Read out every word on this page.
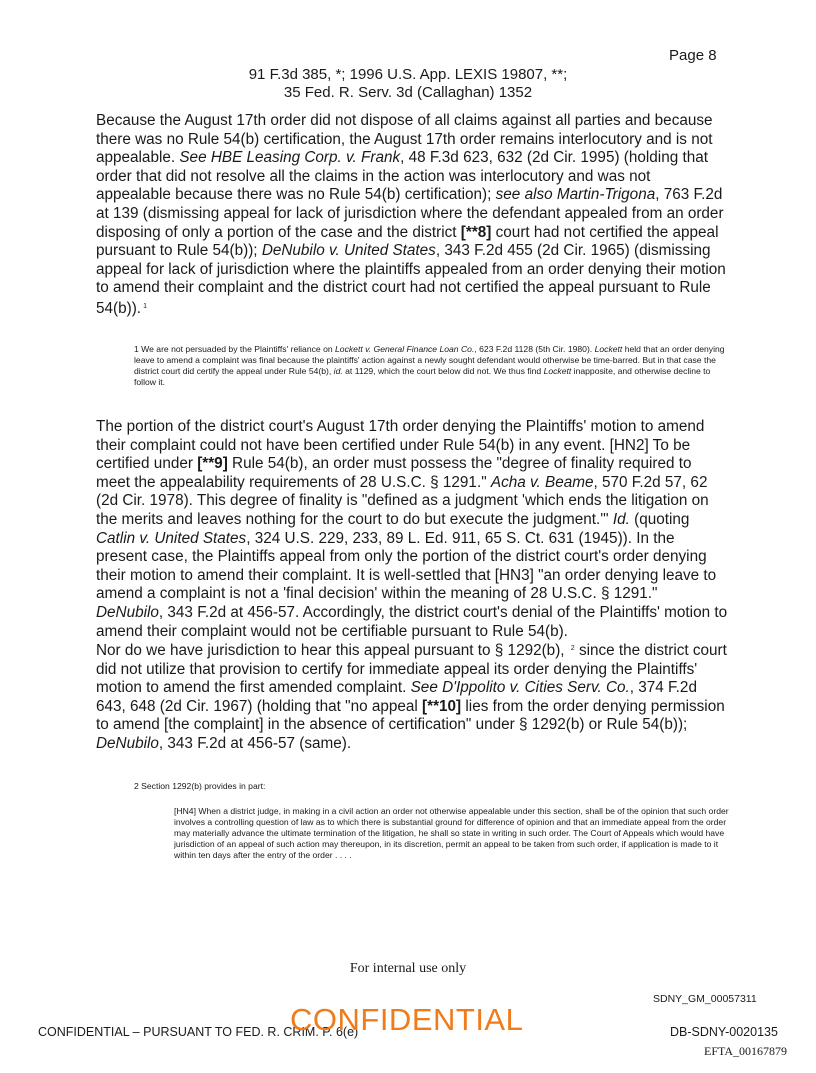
Page 8
91 F.3d 385, *; 1996 U.S. App. LEXIS 19807, **;
35 Fed. R. Serv. 3d (Callaghan) 1352

Because the August 17th order did not dispose of all claims against all parties and because there was no Rule 54(b) certification, the August 17th order remains interlocutory and is not appealable. See HBE Leasing Corp. v. Frank, 48 F.3d 623, 632 (2d Cir. 1995) (holding that order that did not resolve all the claims in the action was interlocutory and was not appealable because there was no Rule 54(b) certification); see also Martin-Trigona, 763 F.2d at 139 (dismissing appeal for lack of jurisdiction where the defendant appealed from an order disposing of only a portion of the case and the district [**8] court had not certified the appeal pursuant to Rule 54(b)); DeNubilo v. United States, 343 F.2d 455 (2d Cir. 1965) (dismissing appeal for lack of jurisdiction where the plaintiffs appealed from an order denying their motion to amend their complaint and the district court had not certified the appeal pursuant to Rule 54(b)). $^1$

1 We are not persuaded by the Plaintiffs' reliance on Lockett v. General Finance Loan Co., 623 F.2d 1128 (5th Cir. 1980). Lockett held that an order denying leave to amend a complaint was final because the plaintiffs' action against a newly sought defendant would otherwise be time-barred. But in that case the district court did certify the appeal under Rule 54(b), id. at 1129, which the court below did not. We thus find Lockett inapposite, and otherwise decline to follow it.

The portion of the district court's August 17th order denying the Plaintiffs' motion to amend their complaint could not have been certified under Rule 54(b) in any event. [HN2] To be certified under [**9] Rule 54(b), an order must possess the "degree of finality required to meet the appealability requirements of 28 U.S.C. § 1291." Acha v. Beame, 570 F.2d 57, 62 (2d Cir. 1978). This degree of finality is "defined as a judgment 'which ends the litigation on the merits and leaves nothing for the court to do but execute the judgment.'" Id. (quoting Catlin v. United States, 324 U.S. 229, 233, 89 L. Ed. 911, 65 S. Ct. 631 (1945)). In the present case, the Plaintiffs appeal from only the portion of the district court's order denying their motion to amend their complaint. It is well-settled that [HN3] "an order denying leave to amend a complaint is not a 'final decision' within the meaning of 28 U.S.C. § 1291." DeNubilo, 343 F.2d at 456-57. Accordingly, the district court's denial of the Plaintiffs' motion to amend their complaint would not be certifiable pursuant to Rule 54(b).

Nor do we have jurisdiction to hear this appeal pursuant to § 1292(b), $^2$ since the district court did not utilize that provision to certify for immediate appeal its order denying the Plaintiffs' motion to amend the first amended complaint. See D'Ippolito v. Cities Serv. Co., 374 F.2d 643, 648 (2d Cir. 1967) (holding that "no appeal [**10] lies from the order denying permission to amend [the complaint] in the absence of certification" under § 1292(b) or Rule 54(b)); DeNubilo, 343 F.2d at 456-57 (same).

2 Section 1292(b) provides in part:

[HN4] When a district judge, in making in a civil action an order not otherwise appealable under this section, shall be of the opinion that such order involves a controlling question of law as to which there is substantial ground for difference of opinion and that an immediate appeal from the order may materially advance the ultimate termination of the litigation, he shall so state in writing in such order. The Court of Appeals which would have jurisdiction of an appeal of such action may thereupon, in its discretion, permit an appeal to be taken from such order, if application is made to it within ten days after the entry of the order . . . .

For internal use only
SDNY_GM_00057311
CONFIDENTIAL – PURSUANT TO FED. R. CRIM. P. 6(e)
CONFIDENTIAL	DB-SDNY-0020135
EFTA_00167879
